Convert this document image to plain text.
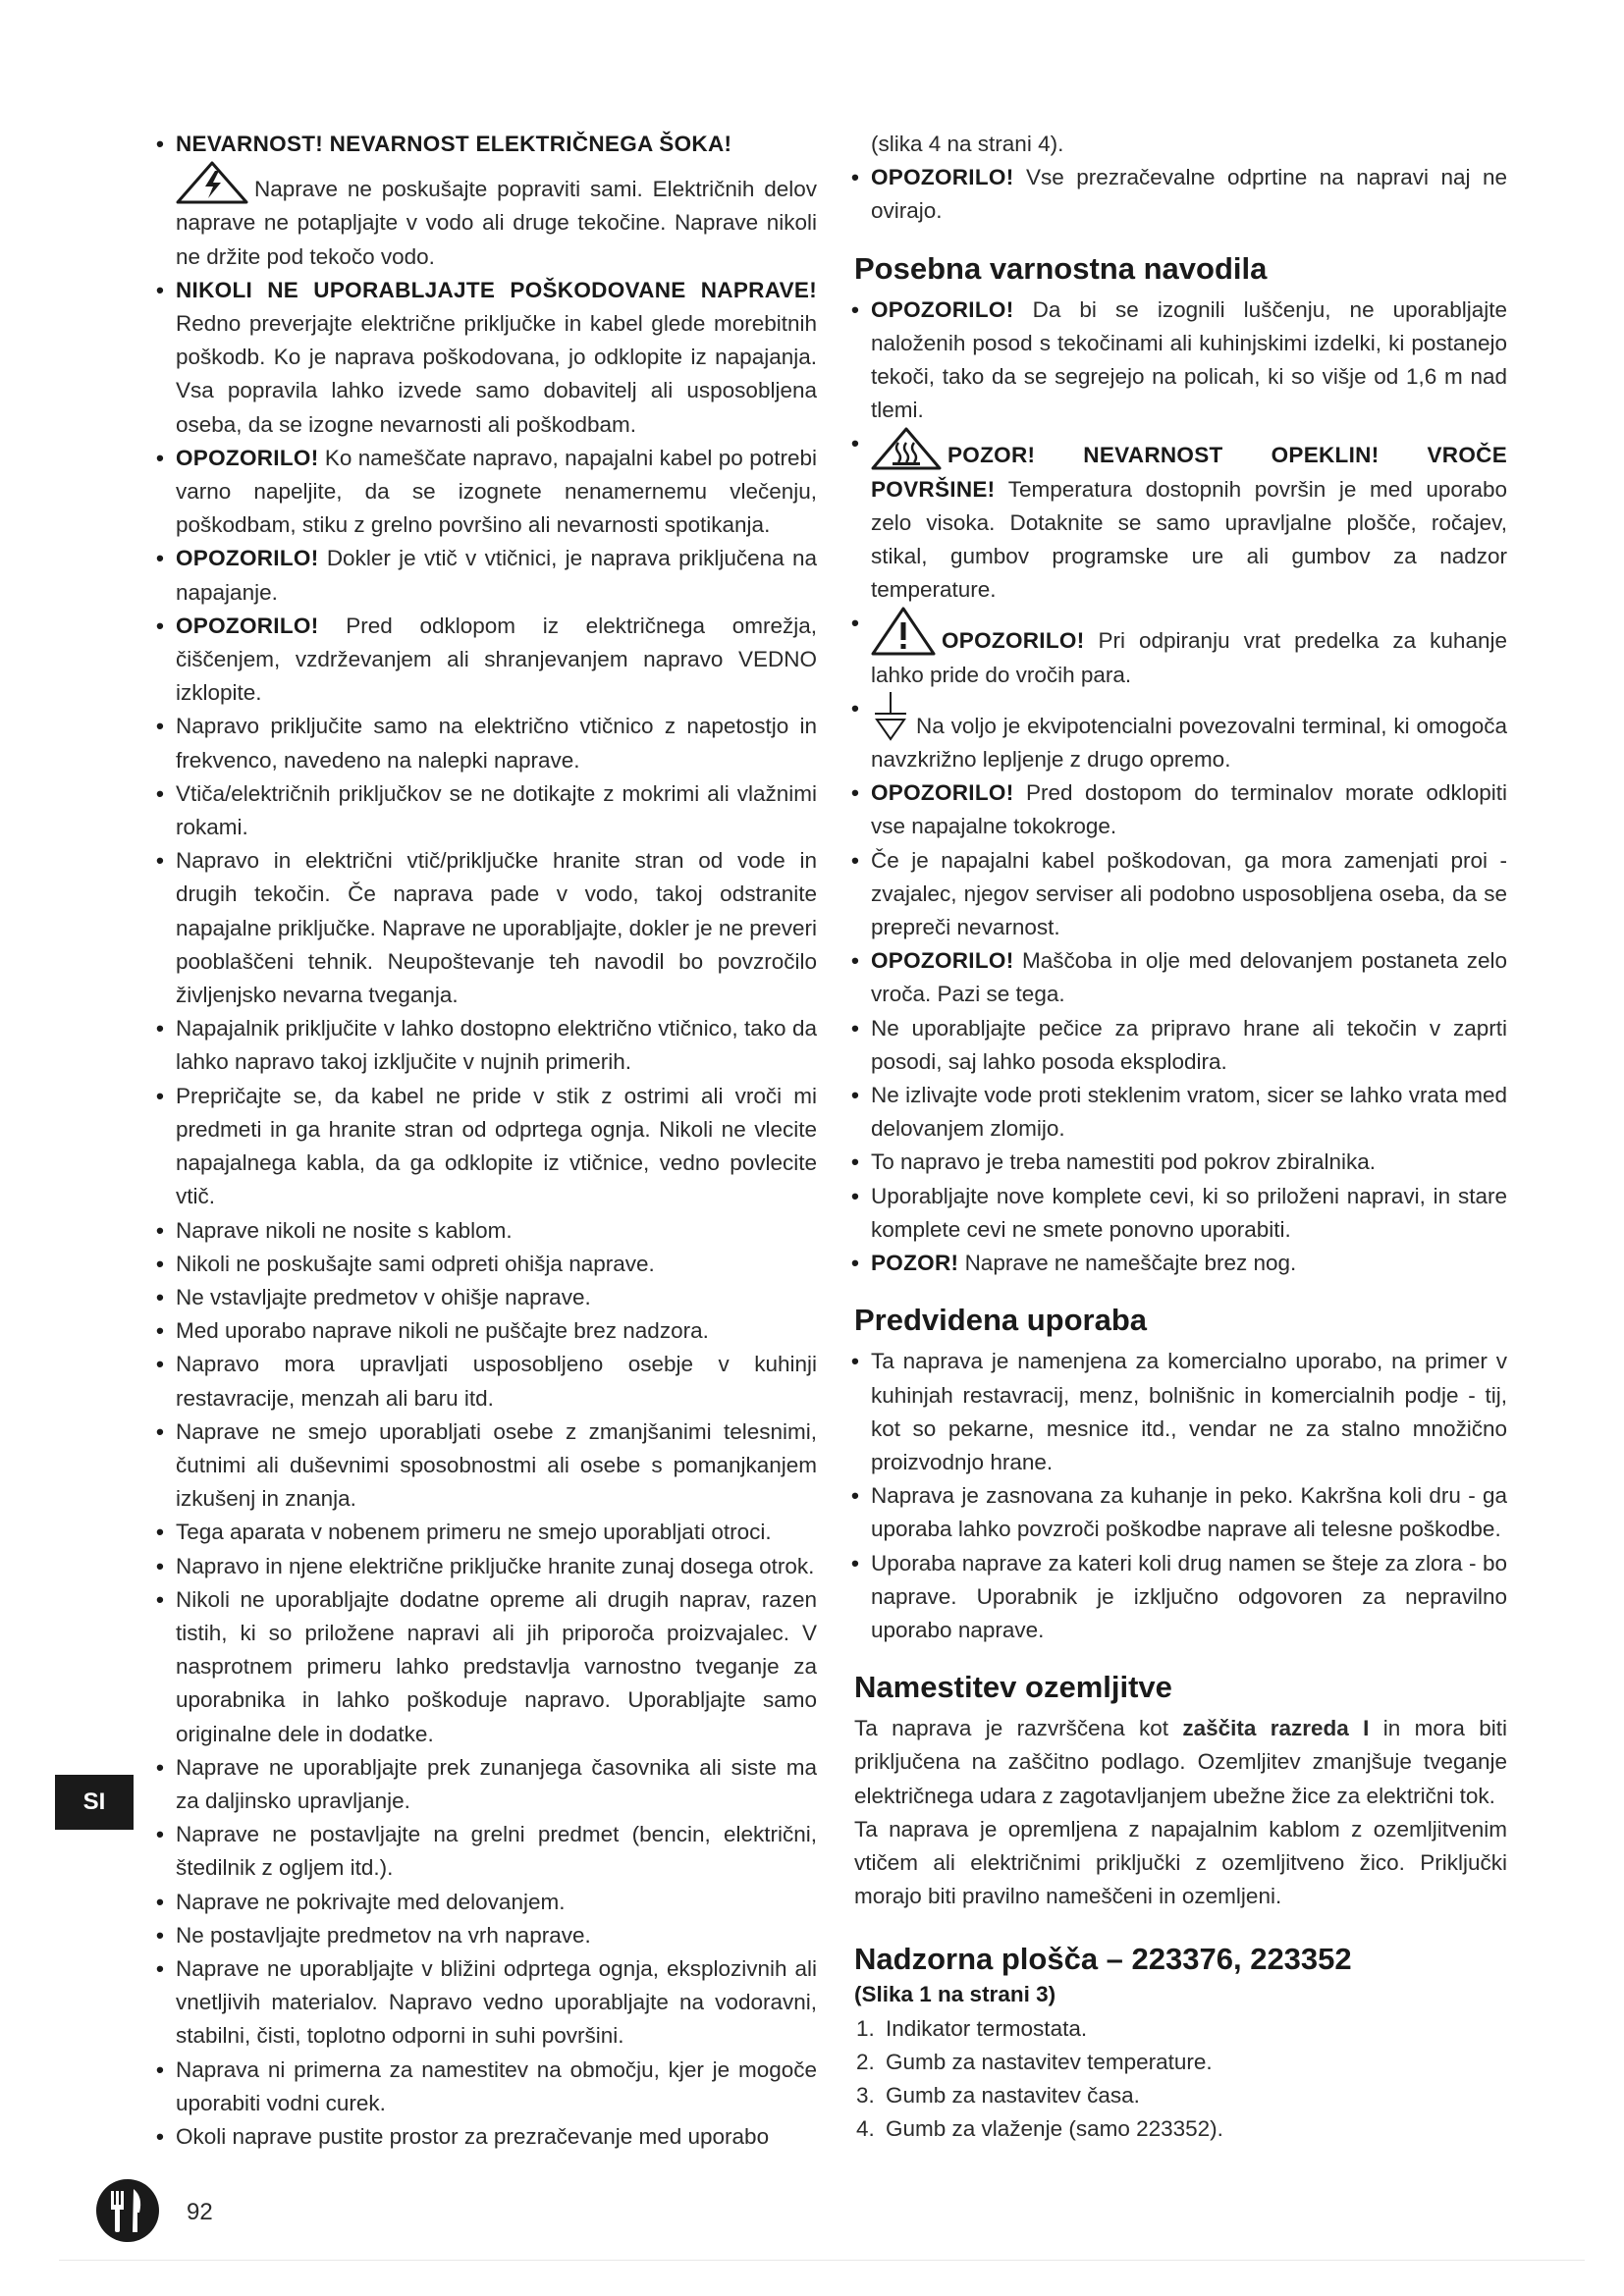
• NEVARNOST! NEVARNOST ELEKTRIČNEGA ŠOKA!

Naprave ne poskušajte popraviti sami. Električnih delov naprave ne potapljajte v vodo ali druge tekočine. Naprave nikoli ne držite pod tekočo vodo.
• NIKOLI NE UPORABLJAJTE POŠKODOVANE NAPRAVE! Redno preverjajte električne priključke in kabel glede morebitnih poškodb. Ko je naprava poškodovana, jo odklopite iz napajanja. Vsa popravila lahko izvede samo dobavitelj ali usposobljena oseba, da se izogne nevarnosti ali poškodbam.
• OPOZORILO! Ko nameščate napravo, napajalni kabel po potrebi varno napeljite, da se izognete nenamernemu vlečenju, poškodbam, stiku z grelno površino ali nevarnosti spotikanja.
• OPOZORILO! Dokler je vtič v vtičnici, je naprava priključena na napajanje.
• OPOZORILO! Pred odklopom iz električnega omrežja, čiščenjem, vzdrževanjem ali shranjevanjem napravo VEDNO izklopite.
• Napravo priključite samo na električno vtičnico z napetostjo in frekvenco, navedeno na nalepki naprave.
• Vtiča/električnih priključkov se ne dotikajte z mokrimi ali vlažnimi rokami.
• Napravo in električni vtič/priključke hranite stran od vode in drugih tekočin. Če naprava pade v vodo, takoj odstranite napajalne priključke. Naprave ne uporabljajte, dokler je ne preveri pooblaščeni tehnik. Neupoštevanje teh navodil bo povzročilo življenjsko nevarna tveganja.
• Napajalnik priključite v lahko dostopno električno vtičnico, tako da lahko napravo takoj izključite v nujnih primerih.
• Prepričajte se, da kabel ne pride v stik z ostrimi ali vroči mi predmeti in ga hranite stran od odprtega ognja. Nikoli ne vlecite napajalnega kabla, da ga odklopite iz vtičnice, vedno povlecite vtič.
• Naprave nikoli ne nosite s kablom.
• Nikoli ne poskušajte sami odpreti ohišja naprave.
• Ne vstavljajte predmetov v ohišje naprave.
• Med uporabo naprave nikoli ne puščajte brez nadzora.
• Napravo mora upravljati usposobljeno osebje v kuhinji restavracije, menzah ali baru itd.
• Naprave ne smejo uporabljati osebe z zmanjšanimi telesnimi, čutnimi ali duševnimi sposobnostmi ali osebe s pomanjkanjem izkušenj in znanja.
• Tega aparata v nobenem primeru ne smejo uporabljati otroci.
• Napravo in njene električne priključke hranite zunaj dosega otrok.
• Nikoli ne uporabljajte dodatne opreme ali drugih naprav, razen tistih, ki so priložene napravi ali jih priporoča proizvajalec. V nasprotnem primeru lahko predstavlja varnostno tveganje za uporabnika in lahko poškoduje napravo. Uporabljajte samo originalne dele in dodatke.
• Naprave ne uporabljajte prek zunanjega časovnika ali siste ma za daljinsko upravljanje.
• Naprave ne postavljajte na grelni predmet (bencin, električni, štedilnik z ogljem itd.).
• Naprave ne pokrivajte med delovanjem.
• Ne postavljajte predmetov na vrh naprave.
• Naprave ne uporabljajte v bližini odprtega ognja, eksplozivnih ali vnetljivih materialov. Napravo vedno uporabljajte na vodoravni, stabilni, čisti, toplotno odporni in suhi površini.
• Naprava ni primerna za namestitev na območju, kjer je mogoče uporabiti vodni curek.
• Okoli naprave pustite prostor za prezračevanje med uporabo

(slika 4 na strani 4).

• OPOZORILO! Vse prezračevalne odprtine na napravi naj ne ovirajo.
Posebna varnostna navodila
• OPOZORILO! Da bi se izognili luščenju, ne uporabljajte naloženih posod s tekočinami ali kuhinjskimi izdelki, ki postanejo tekoči, tako da se segrejejo na policah, ki so višje od 1,6 m nad tlemi.
• POZOR! NEVARNOST OPEKLIN! VROČE POVRŠINE! Temperatura dostopnih površin je med uporabo zelo visoka. Dotaknite se samo upravljalne plošče, ročajev, stikal, gumbov programske ure ali gumbov za nadzor temperature.
• OPOZORILO! Pri odpiranju vrat predelka za kuhanje lahko pride do vročih para.
• Na voljo je ekvipotencialni povezovalni terminal, ki omogoča navzkrižno lepljenje z drugo opremo.
• OPOZORILO! Pred dostopom do terminalov morate odklopiti vse napajalne tokokroge.
• Če je napajalni kabel poškodovan, ga mora zamenjati proi - zvajalec, njegov serviser ali podobno usposobljena oseba, da se prepreči nevarnost.
• OPOZORILO! Maščoba in olje med delovanjem postaneta zelo vroča. Pazi se tega.
• Ne uporabljajte pečice za pripravo hrane ali tekočin v zaprti posodi, saj lahko posoda eksplodira.
• Ne izlivajte vode proti steklenim vratom, sicer se lahko vrata med delovanjem zlomijo.
• To napravo je treba namestiti pod pokrov zbiralnika.
• Uporabljajte nove komplete cevi, ki so priloženi napravi, in stare komplete cevi ne smete ponovno uporabiti.
• POZOR! Naprave ne nameščajte brez nog.
Predvidena uporaba
• Ta naprava je namenjena za komercialno uporabo, na primer v kuhinjah restavracij, menz, bolnišnic in komercialnih podje - tij, kot so pekarne, mesnice itd., vendar ne za stalno množično proizvodnjo hrane.
• Naprava je zasnovana za kuhanje in peko. Kakršna koli dru - ga uporaba lahko povzroči poškodbe naprave ali telesne poškodbe.
• Uporaba naprave za kateri koli drug namen se šteje za zlora - bo naprave. Uporabnik je izključno odgovoren za nepravilno uporabo naprave.
Namestitev ozemljitve

Ta naprava je razvrščena kot zaščita razreda I in mora biti priključena na zaščitno podlago. Ozemljitev zmanjšuje tveganje električnega udara z zagotavljanjem ubežne žice za električni tok.

Ta naprava je opremljena z napajalnim kablom z ozemljitvenim vtičem ali električnimi priključki z ozemljitveno žico. Priključki morajo biti pravilno nameščeni in ozemljeni.

Nadzorna plošča – 223376, 223352

(Slika 1 na strani 3)

1. Indikator termostata.
2. Gumb za nastavitev temperature.
3. Gumb za nastavitev časa.
4. Gumb za vlaženje (samo 223352).
SI
92
